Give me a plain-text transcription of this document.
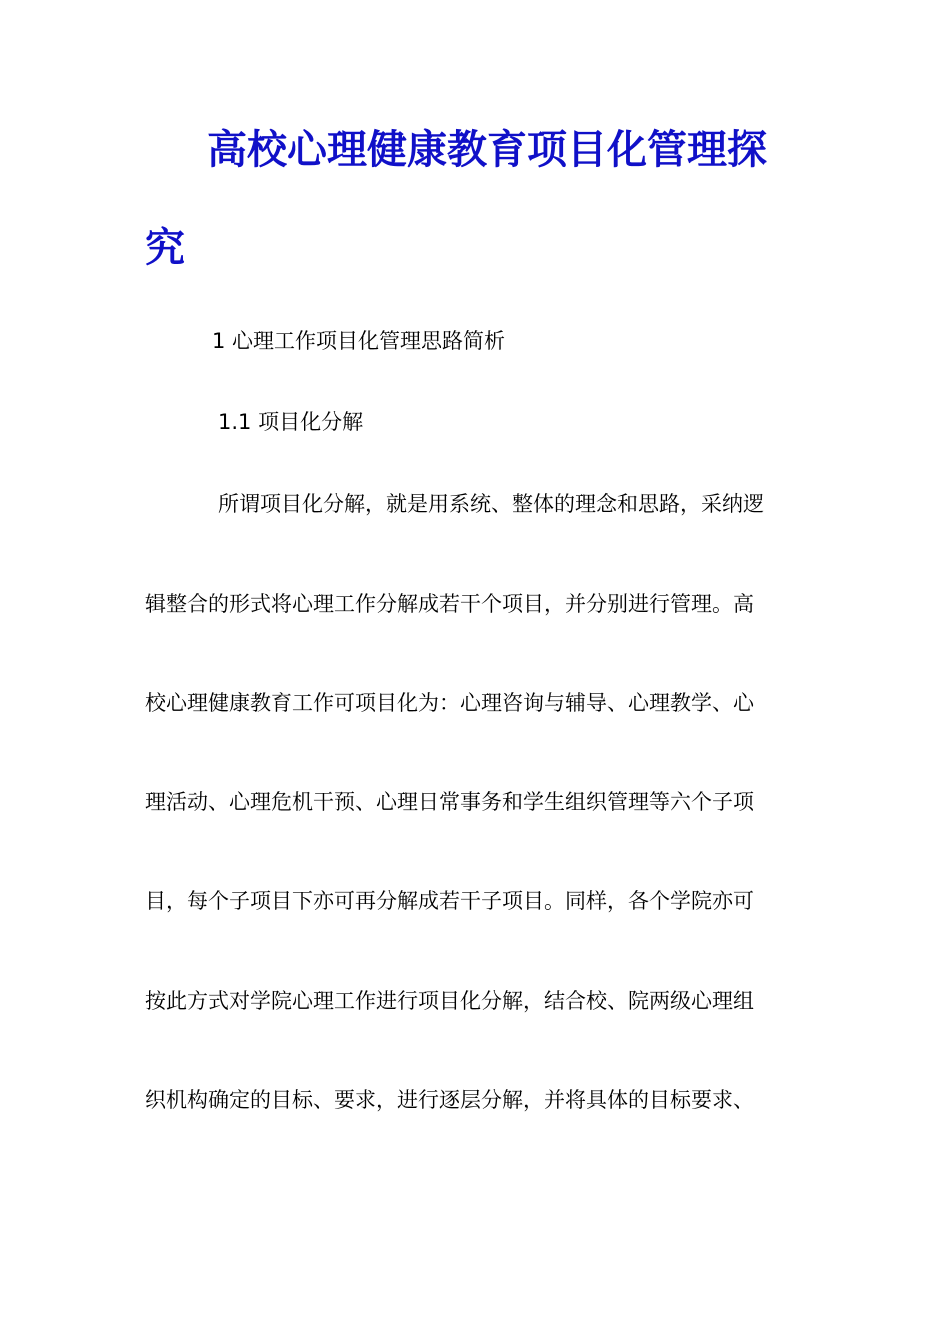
高校心理健康教育项目化管理探
究

1 心理工作项目化管理思路简析

1.1 项目化分解

所谓项目化分解，就是用系统、整体的理念和思路，采纳逻

辑整合的形式将心理工作分解成若干个项目，并分别进行管理。高

校心理健康教育工作可项目化为：心理咨询与辅导、心理教学、心

理活动、心理危机干预、心理日常事务和学生组织管理等六个子项

目，每个子项目下亦可再分解成若干子项目。同样，各个学院亦可

按此方式对学院心理工作进行项目化分解，结合校、院两级心理组

织机构确定的目标、要求，进行逐层分解，并将具体的目标要求、
